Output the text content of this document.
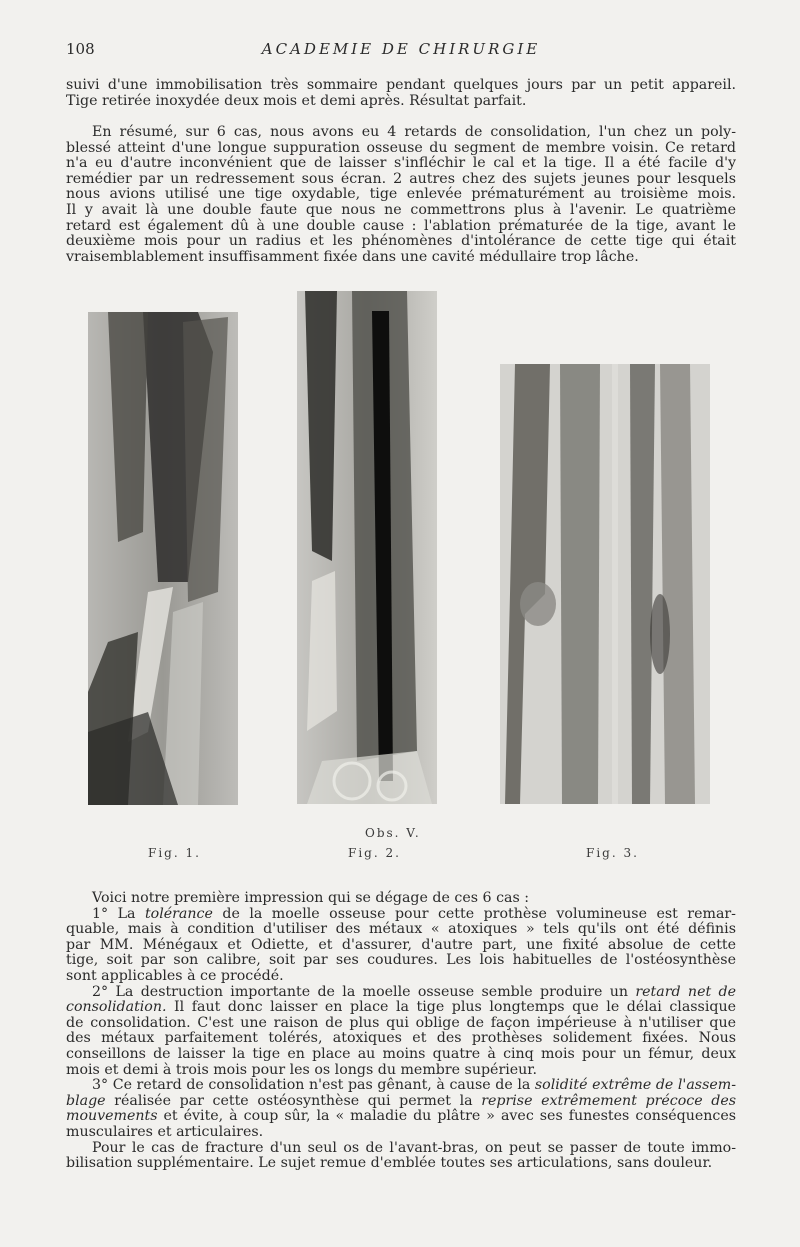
108	ACADEMIE DE CHIRURGIE
suivi d'une immobilisation très sommaire pendant quelques jours par un petit appareil.
Tige retirée inoxydée deux mois et demi après. Résultat parfait.
En résumé, sur 6 cas, nous avons eu 4 retards de consolidation, l'un chez un poly-
blessé atteint d'une longue suppuration osseuse du segment de membre voisin. Ce retard
n'a eu d'autre inconvénient que de laisser s'infléchir le cal et la tige. Il a été facile d'y
remédier par un redressement sous écran. 2 autres chez des sujets jeunes pour lesquels
nous avions utilisé une tige oxydable, tige enlevée prématurément au troisième mois.
Il y avait là une double faute que nous ne commettrons plus à l'avenir. Le quatrième
retard est également dû à une double cause : l'ablation prématurée de la tige, avant le
deuxième mois pour un radius et les phénomènes d'intolérance de cette tige qui était
vraisemblablement insuffisamment fixée dans une cavité médullaire trop lâche.
Obs. V.
Fig. 1.	Fig. 2.	Fig. 3.
Voici notre première impression qui se dégage de ces 6 cas :
1° La tolérance de la moelle osseuse pour cette prothèse volumineuse est remar-
quable, mais à condition d'utiliser des métaux « atoxiques » tels qu'ils ont été définis
par MM. Ménégaux et Odiette, et d'assurer, d'autre part, une fixité absolue de cette
tige, soit par son calibre, soit par ses coudures. Les lois habituelles de l'ostéosynthèse
sont applicables à ce procédé.
2° La destruction importante de la moelle osseuse semble produire un retard net de
consolidation. Il faut donc laisser en place la tige plus longtemps que le délai classique
de consolidation. C'est une raison de plus qui oblige de façon impérieuse à n'utiliser que
des métaux parfaitement tolérés, atoxiques et des prothèses solidement fixées. Nous
conseillons de laisser la tige en place au moins quatre à cinq mois pour un fémur, deux
mois et demi à trois mois pour les os longs du membre supérieur.
3° Ce retard de consolidation n'est pas gênant, à cause de la solidité extrême de l'assem-
blage réalisée par cette ostéosynthèse qui permet la reprise extrêmement précoce des
mouvements et évite, à coup sûr, la « maladie du plâtre » avec ses funestes conséquences
musculaires et articulaires.
Pour le cas de fracture d'un seul os de l'avant-bras, on peut se passer de toute immo-
bilisation supplémentaire. Le sujet remue d'emblée toutes ses articulations, sans douleur.
